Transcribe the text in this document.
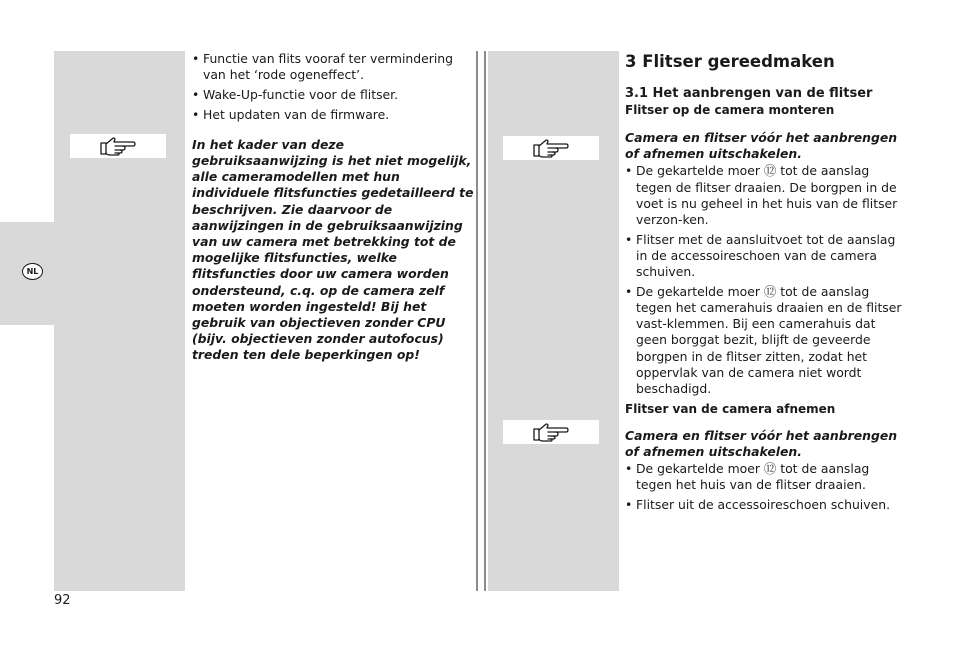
NL
• Functie van flits vooraf ter vermindering van het ‘rode ogeneffect’.
• Wake-Up-functie voor de flitser.
• Het updaten van de firmware.

In het kader van deze gebruiksaanwijzing is het niet mogelijk, alle cameramodellen met hun individuele flitsfuncties gedetailleerd te beschrijven. Zie daarvoor de aanwijzingen in de gebruiksaanwijzing van uw camera met betrekking tot de mogelijke flitsfuncties, welke flitsfuncties door uw camera worden ondersteund, c.q. op de camera zelf moeten worden ingesteld! Bij het gebruik van objectieven zonder CPU (bijv. objectieven zonder autofocus) treden ten dele beperkingen op!

3 Flitser gereedmaken
3.1 Het aanbrengen van de flitser
Flitser op de camera monteren

Camera en flitser vóór het aanbrengen of afnemen uitschakelen.

• De gekartelde moer ⑫ tot de aanslag tegen de flitser draaien. De borgpen in de voet is nu geheel in het huis van de flitser verzon-ken.
• Flitser met de aansluitvoet tot de aanslag in de accessoireschoen van de camera schuiven.
• De gekartelde moer ⑫ tot de aanslag tegen het camerahuis draaien en de flitser vast-klemmen. Bij een camerahuis dat geen borggat bezit, blijft de geveerde borgpen in de flitser zitten, zodat het oppervlak van de camera niet wordt beschadigd.
Flitser van de camera afnemen

Camera en flitser vóór het aanbrengen of afnemen uitschakelen.

• De gekartelde moer ⑫ tot de aanslag tegen het huis van de flitser draaien.
• Flitser uit de accessoireschoen schuiven.
92
